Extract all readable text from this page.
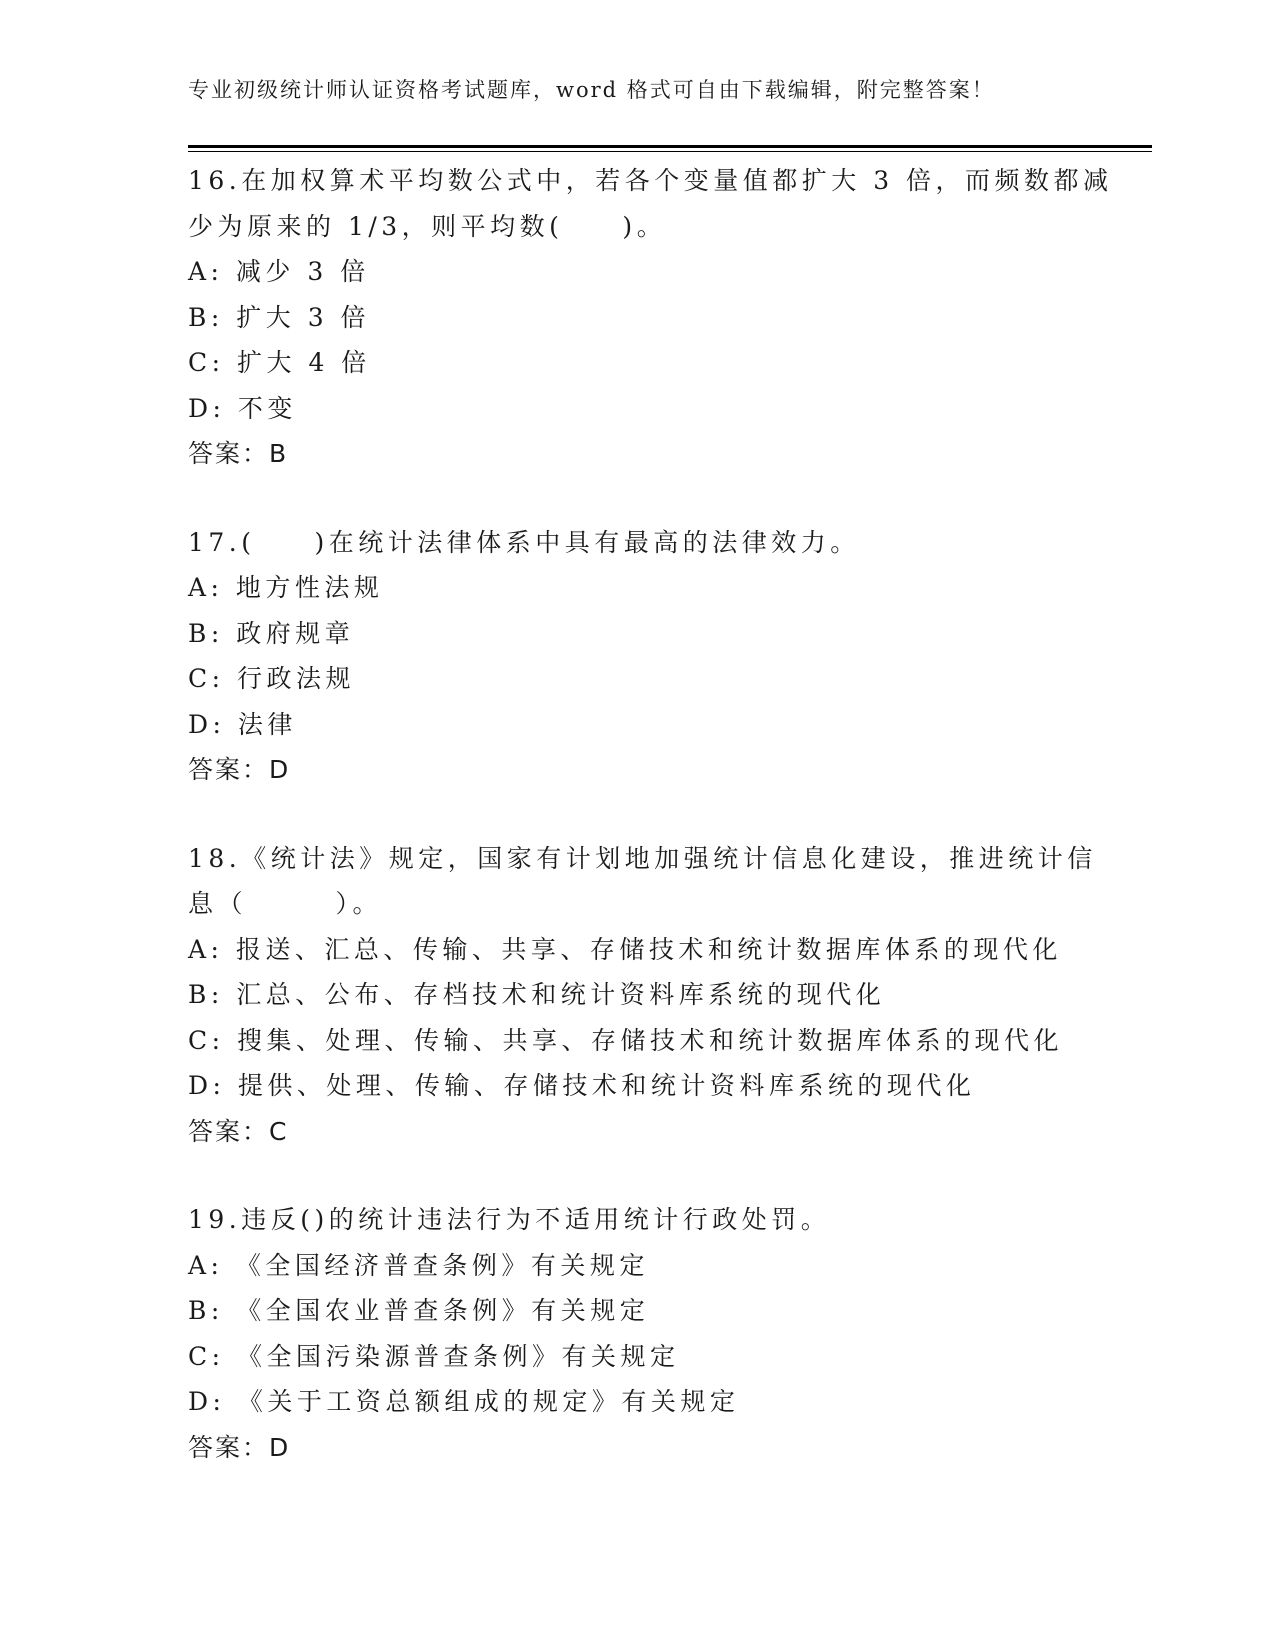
专业初级统计师认证资格考试题库，word 格式可自由下载编辑，附完整答案！
16.在加权算术平均数公式中，若各个变量值都扩大 3 倍，而频数都减
少为原来的 1/3，则平均数(　　)。
A: 减少 3 倍
B: 扩大 3 倍
C: 扩大 4 倍
D: 不变
答案：B
17.(　　)在统计法律体系中具有最高的法律效力。
A: 地方性法规
B: 政府规章
C: 行政法规
D: 法律
答案：D
18.《统计法》规定，国家有计划地加强统计信息化建设，推进统计信
息（　　　）。
A: 报送、汇总、传输、共享、存储技术和统计数据库体系的现代化
B: 汇总、公布、存档技术和统计资料库系统的现代化
C: 搜集、处理、传输、共享、存储技术和统计数据库体系的现代化
D: 提供、处理、传输、存储技术和统计资料库系统的现代化
答案：C
19.违反()的统计违法行为不适用统计行政处罚。
A: 《全国经济普查条例》有关规定
B: 《全国农业普查条例》有关规定
C: 《全国污染源普查条例》有关规定
D: 《关于工资总额组成的规定》有关规定
答案：D
